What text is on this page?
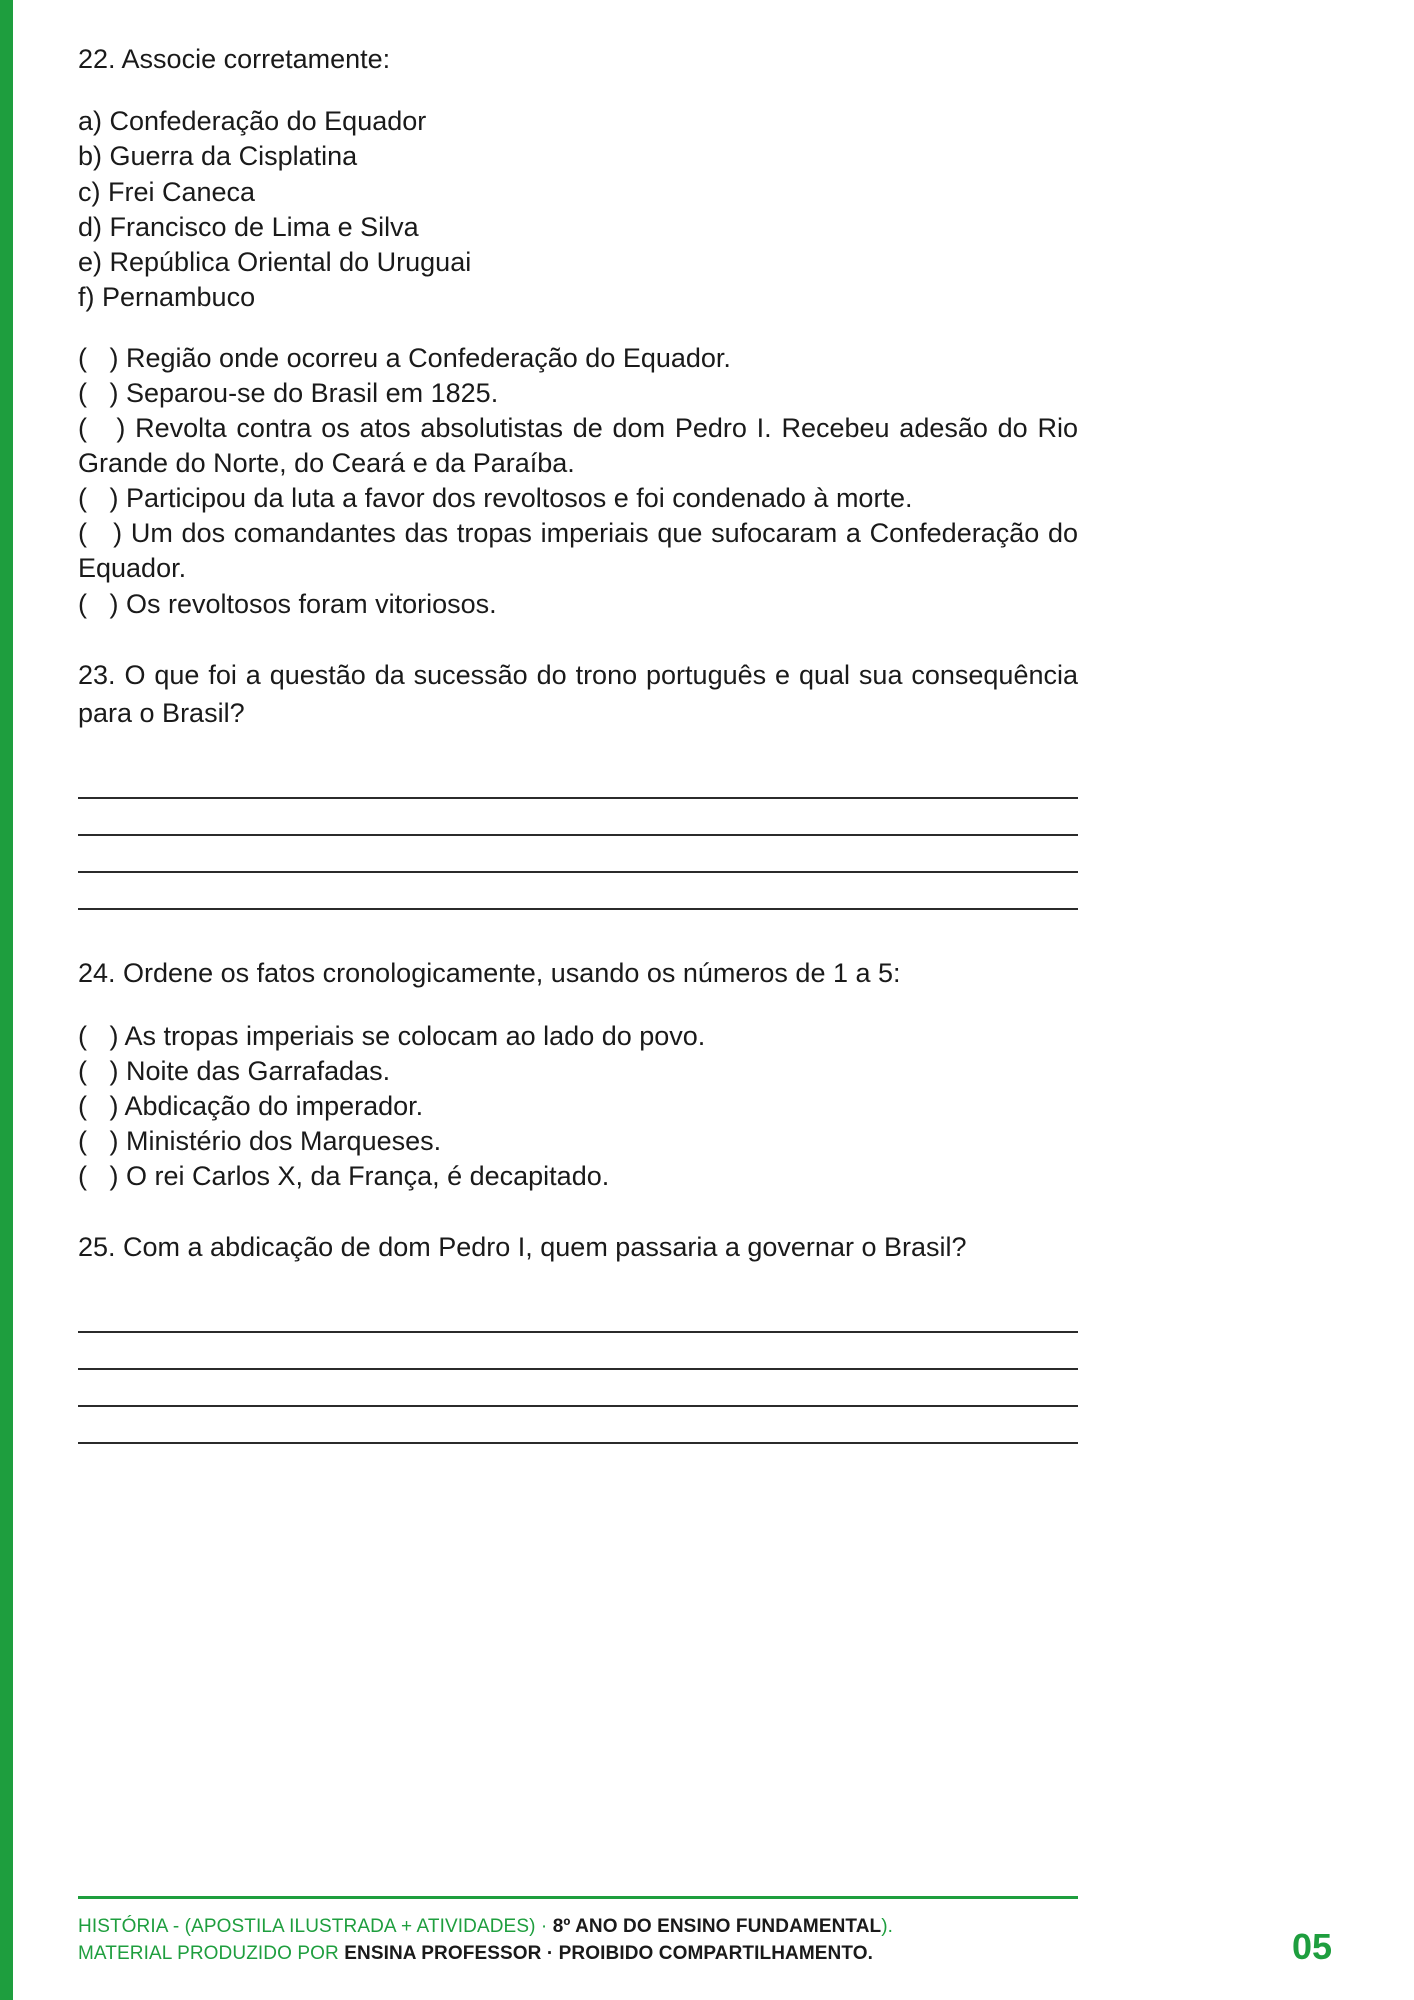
22. Associe corretamente:

a) Confederação do Equador

b) Guerra da Cisplatina

c) Frei Caneca

d) Francisco de Lima e Silva

e) República Oriental do Uruguai

f) Pernambuco

(   ) Região onde ocorreu a Confederação do Equador.

(   ) Separou-se do Brasil em 1825.

(   ) Revolta contra os atos absolutistas de dom Pedro I. Recebeu adesão do Rio Grande do Norte, do Ceará e da Paraíba.

(   ) Participou da luta a favor dos revoltosos e foi condenado à morte.

(   ) Um dos comandantes das tropas imperiais que sufocaram a Confederação do Equador.

(   ) Os revoltosos foram vitoriosos.

23. O que foi a questão da sucessão do trono português e qual sua consequência para o Brasil?

24. Ordene os fatos cronologicamente, usando os números de 1 a 5:

(   ) As tropas imperiais se colocam ao lado do povo.

(   ) Noite das Garrafadas.

(   ) Abdicação do imperador.

(   ) Ministério dos Marqueses.

(   ) O rei Carlos X, da França, é decapitado.

25. Com a abdicação de dom Pedro I, quem passaria a governar o Brasil?

HISTÓRIA - (APOSTILA ILUSTRADA + ATIVIDADES) · 8º ANO DO ENSINO FUNDAMENTAL).
MATERIAL PRODUZIDO POR ENSINA PROFESSOR · PROIBIDO COMPARTILHAMENTO.	05
